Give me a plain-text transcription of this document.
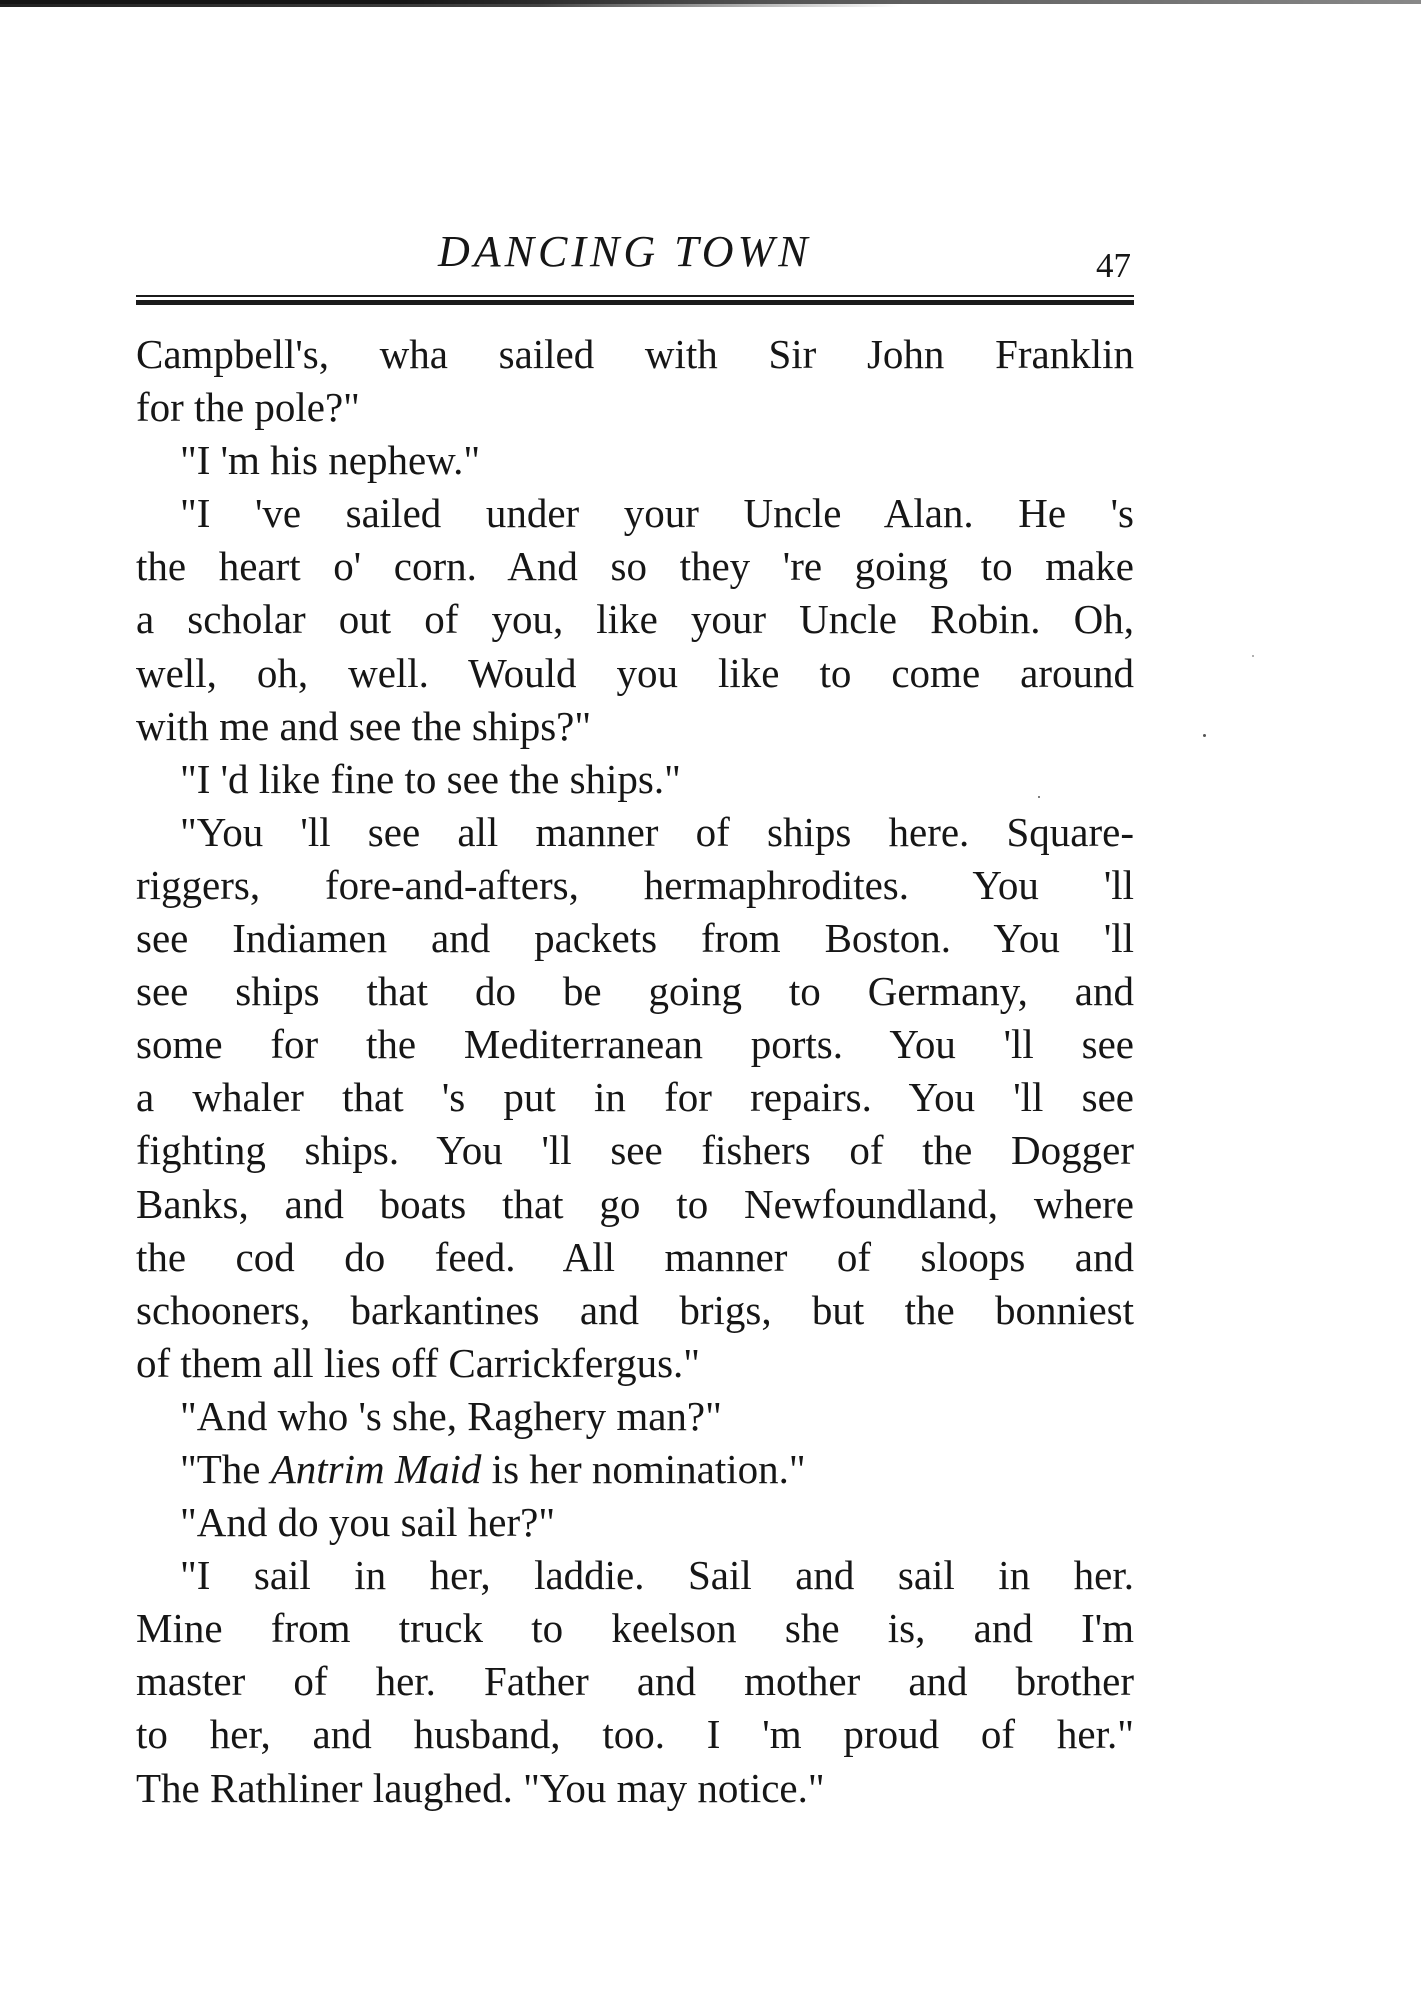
DANCING TOWN	47
Campbell's, wha sailed with Sir John Franklin
for the pole?"
"I 'm his nephew."
"I 've sailed under your Uncle Alan. He 's
the heart o' corn. And so they 're going to make
a scholar out of you, like your Uncle Robin. Oh,
well, oh, well. Would you like to come around
with me and see the ships?"
"I 'd like fine to see the ships."
"You 'll see all manner of ships here. Square-
riggers, fore-and-afters, hermaphrodites. You 'll
see Indiamen and packets from Boston. You 'll
see ships that do be going to Germany, and
some for the Mediterranean ports. You 'll see
a whaler that 's put in for repairs. You 'll see
fighting ships. You 'll see fishers of the Dogger
Banks, and boats that go to Newfoundland, where
the cod do feed. All manner of sloops and
schooners, barkantines and brigs, but the bonniest
of them all lies off Carrickfergus."
"And who 's she, Raghery man?"
"The Antrim Maid is her nomination."
"And do you sail her?"
"I sail in her, laddie. Sail and sail in her.
Mine from truck to keelson she is, and I'm
master of her. Father and mother and brother
to her, and husband, too. I 'm proud of her."
The Rathliner laughed. "You may notice."
